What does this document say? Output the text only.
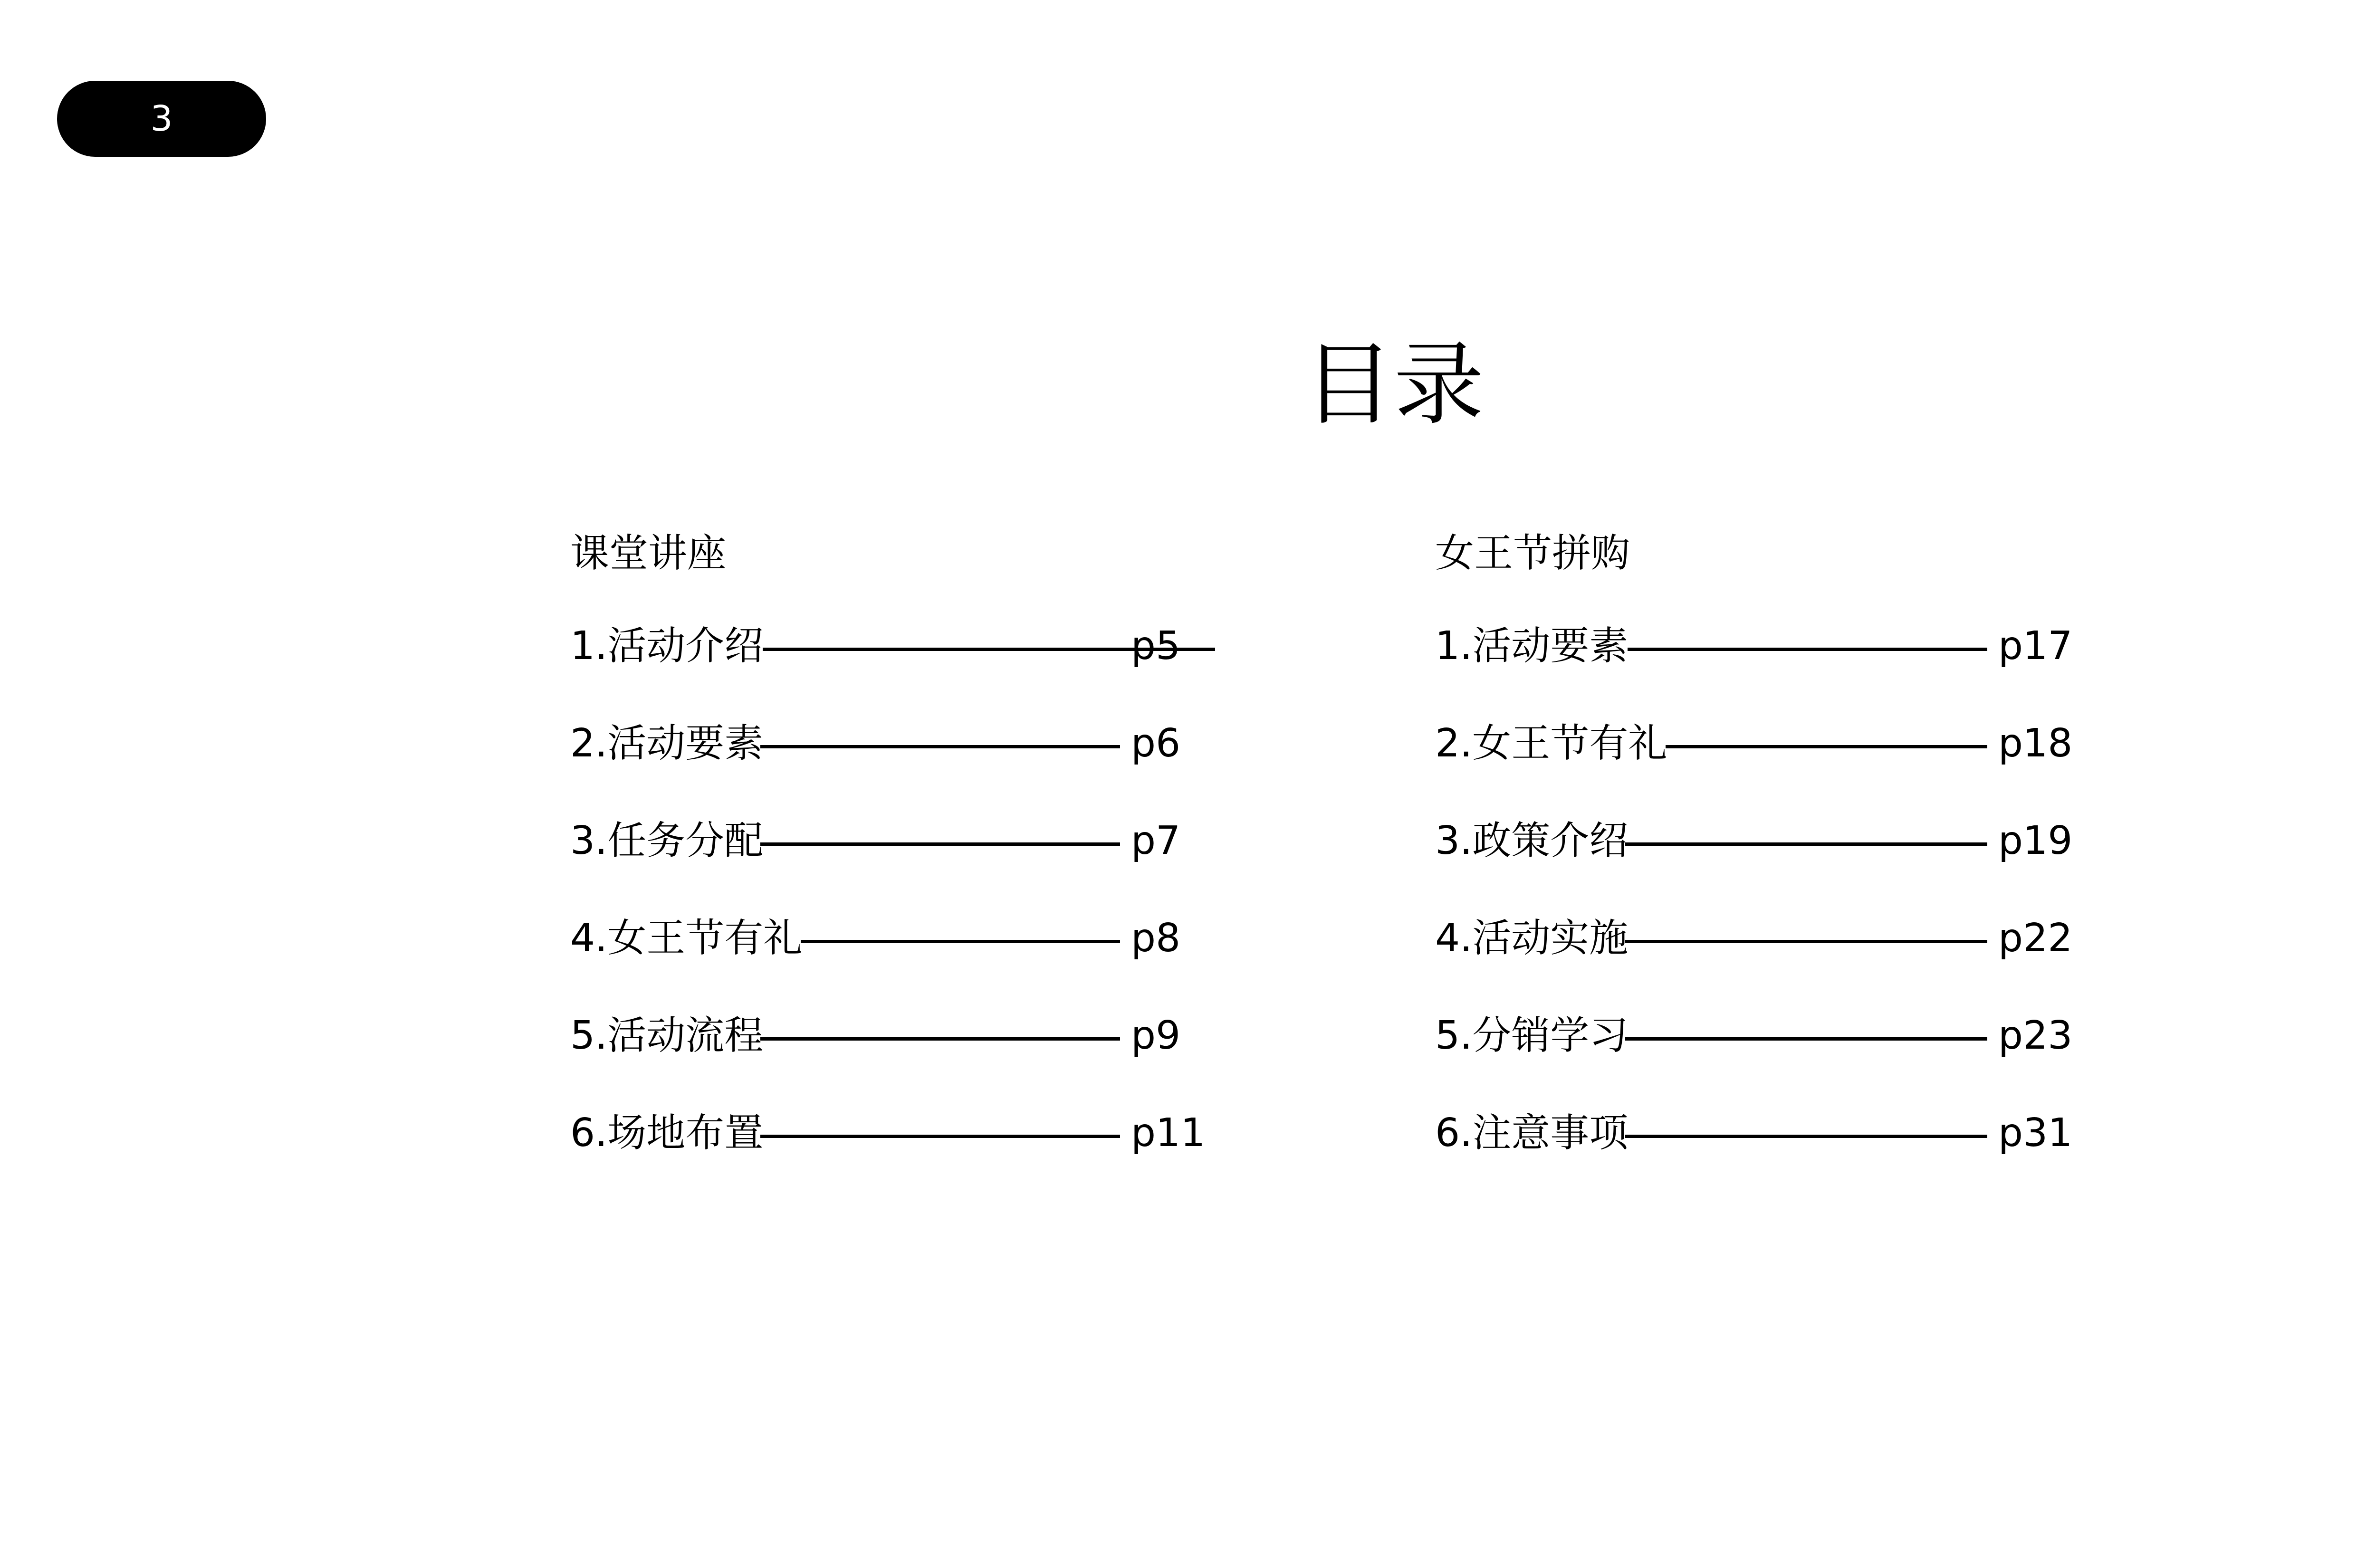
3
目录
课堂讲座
1.活动介绍	p5
2.活动要素	p6
3.任务分配	p7
4.女王节有礼	p8
5.活动流程	p9
6.场地布置	p11
女王节拼购
1.活动要素	p17
2.女王节有礼	p18
3.政策介绍	p19
4.活动实施	p22
5.分销学习	p23
6.注意事项	p31
